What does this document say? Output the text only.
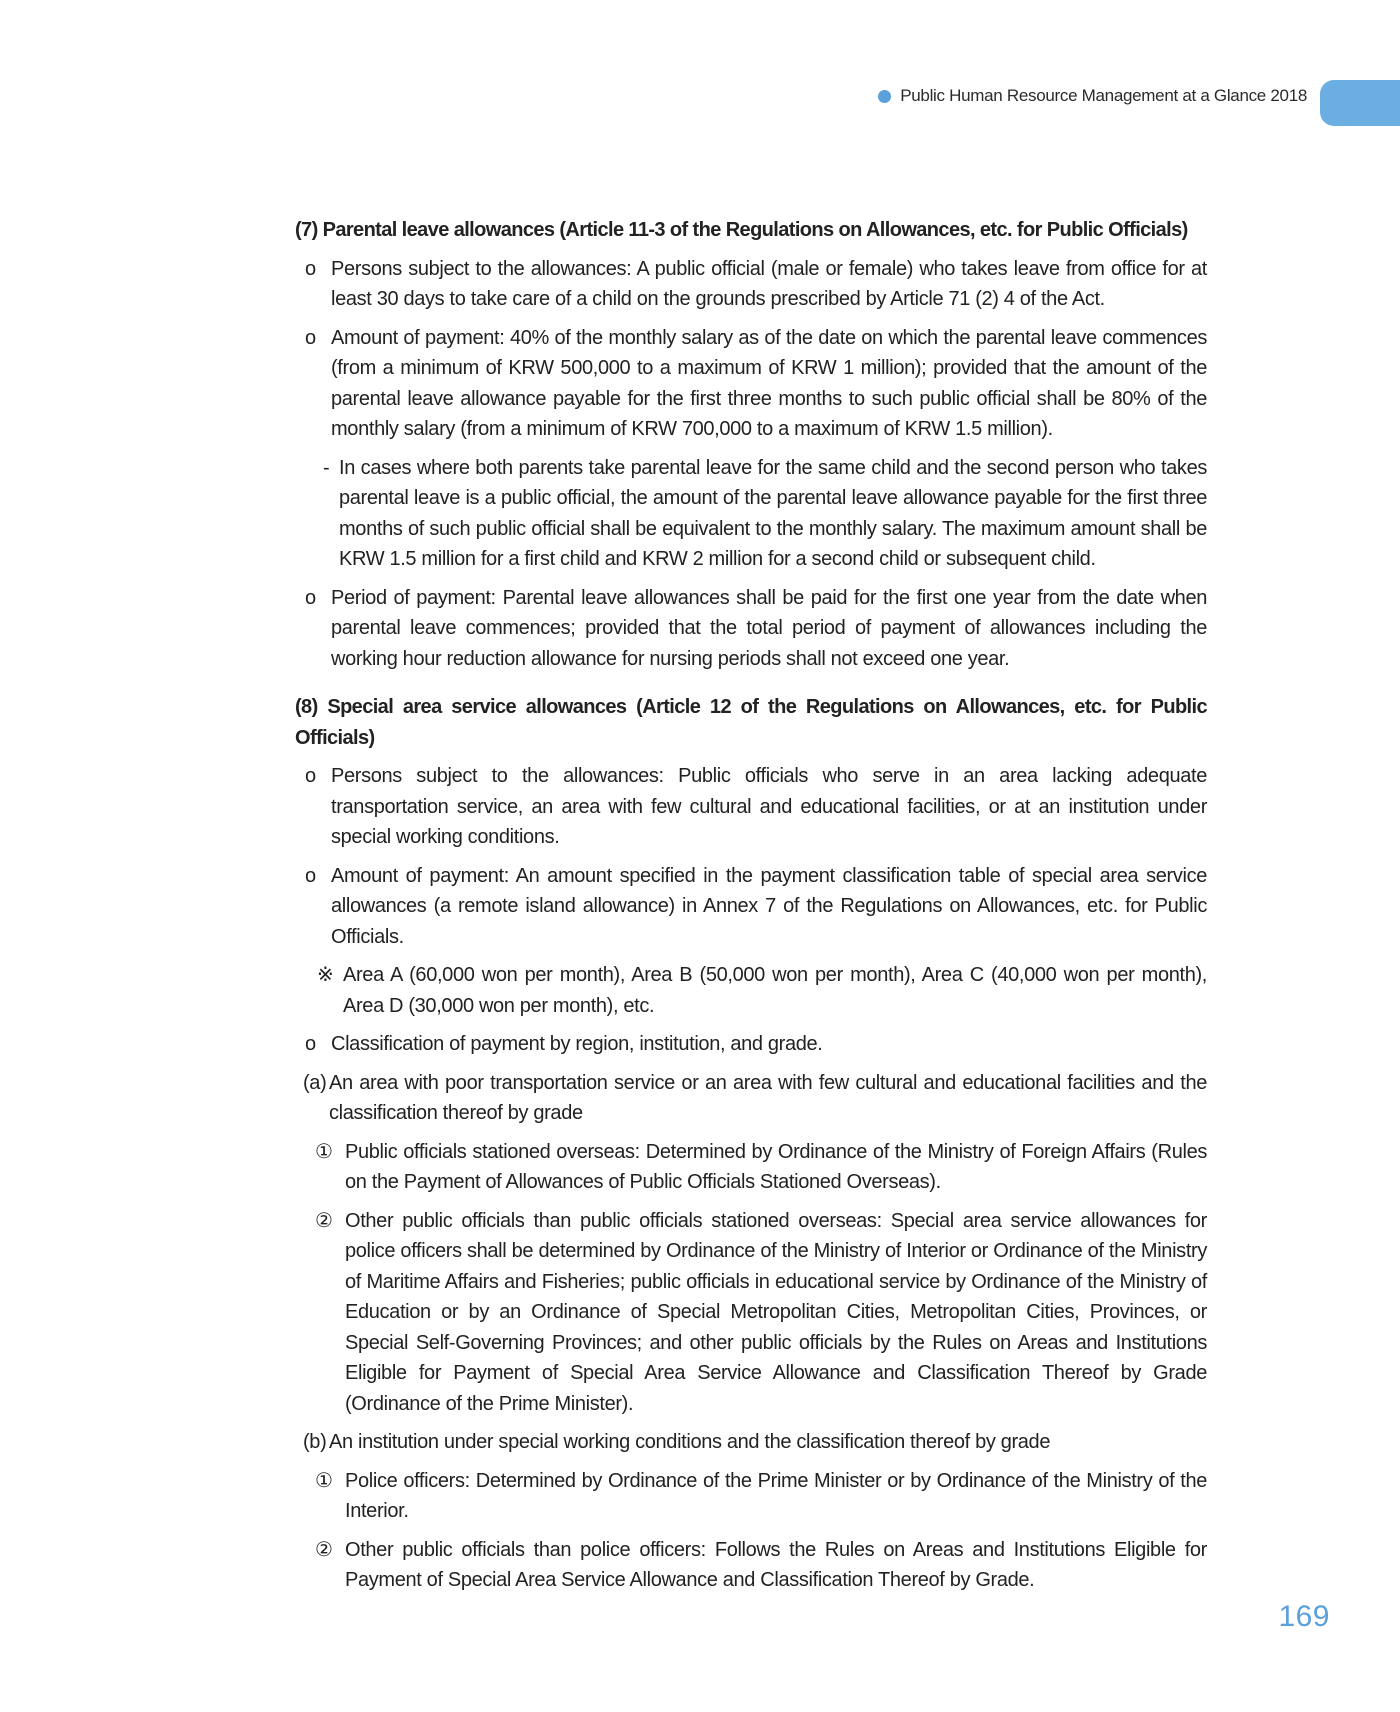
Public Human Resource Management at a Glance 2018
(7) Parental leave allowances (Article 11-3 of the Regulations on Allowances, etc. for Public Officials)
o Persons subject to the allowances: A public official (male or female) who takes leave from office for at least 30 days to take care of a child on the grounds prescribed by Article 71 (2) 4 of the Act.
o Amount of payment: 40% of the monthly salary as of the date on which the parental leave commences (from a minimum of KRW 500,000 to a maximum of KRW 1 million); provided that the amount of the parental leave allowance payable for the first three months to such public official shall be 80% of the monthly salary (from a minimum of KRW 700,000 to a maximum of KRW 1.5 million).
- In cases where both parents take parental leave for the same child and the second person who takes parental leave is a public official, the amount of the parental leave allowance payable for the first three months of such public official shall be equivalent to the monthly salary. The maximum amount shall be KRW 1.5 million for a first child and KRW 2 million for a second child or subsequent child.
o Period of payment: Parental leave allowances shall be paid for the first one year from the date when parental leave commences; provided that the total period of payment of allowances including the working hour reduction allowance for nursing periods shall not exceed one year.
(8) Special area service allowances (Article 12 of the Regulations on Allowances, etc. for Public Officials)
o Persons subject to the allowances: Public officials who serve in an area lacking adequate transportation service, an area with few cultural and educational facilities, or at an institution under special working conditions.
o Amount of payment: An amount specified in the payment classification table of special area service allowances (a remote island allowance) in Annex 7 of the Regulations on Allowances, etc. for Public Officials.
※ Area A (60,000 won per month), Area B (50,000 won per month), Area C (40,000 won per month), Area D (30,000 won per month), etc.
o Classification of payment by region, institution, and grade.
(a) An area with poor transportation service or an area with few cultural and educational facilities and the classification thereof by grade
① Public officials stationed overseas: Determined by Ordinance of the Ministry of Foreign Affairs (Rules on the Payment of Allowances of Public Officials Stationed Overseas).
② Other public officials than public officials stationed overseas: Special area service allowances for police officers shall be determined by Ordinance of the Ministry of Interior or Ordinance of the Ministry of Maritime Affairs and Fisheries; public officials in educational service by Ordinance of the Ministry of Education or by an Ordinance of Special Metropolitan Cities, Metropolitan Cities, Provinces, or Special Self-Governing Provinces; and other public officials by the Rules on Areas and Institutions Eligible for Payment of Special Area Service Allowance and Classification Thereof by Grade (Ordinance of the Prime Minister).
(b) An institution under special working conditions and the classification thereof by grade
① Police officers: Determined by Ordinance of the Prime Minister or by Ordinance of the Ministry of the Interior.
② Other public officials than police officers: Follows the Rules on Areas and Institutions Eligible for Payment of Special Area Service Allowance and Classification Thereof by Grade.
169
